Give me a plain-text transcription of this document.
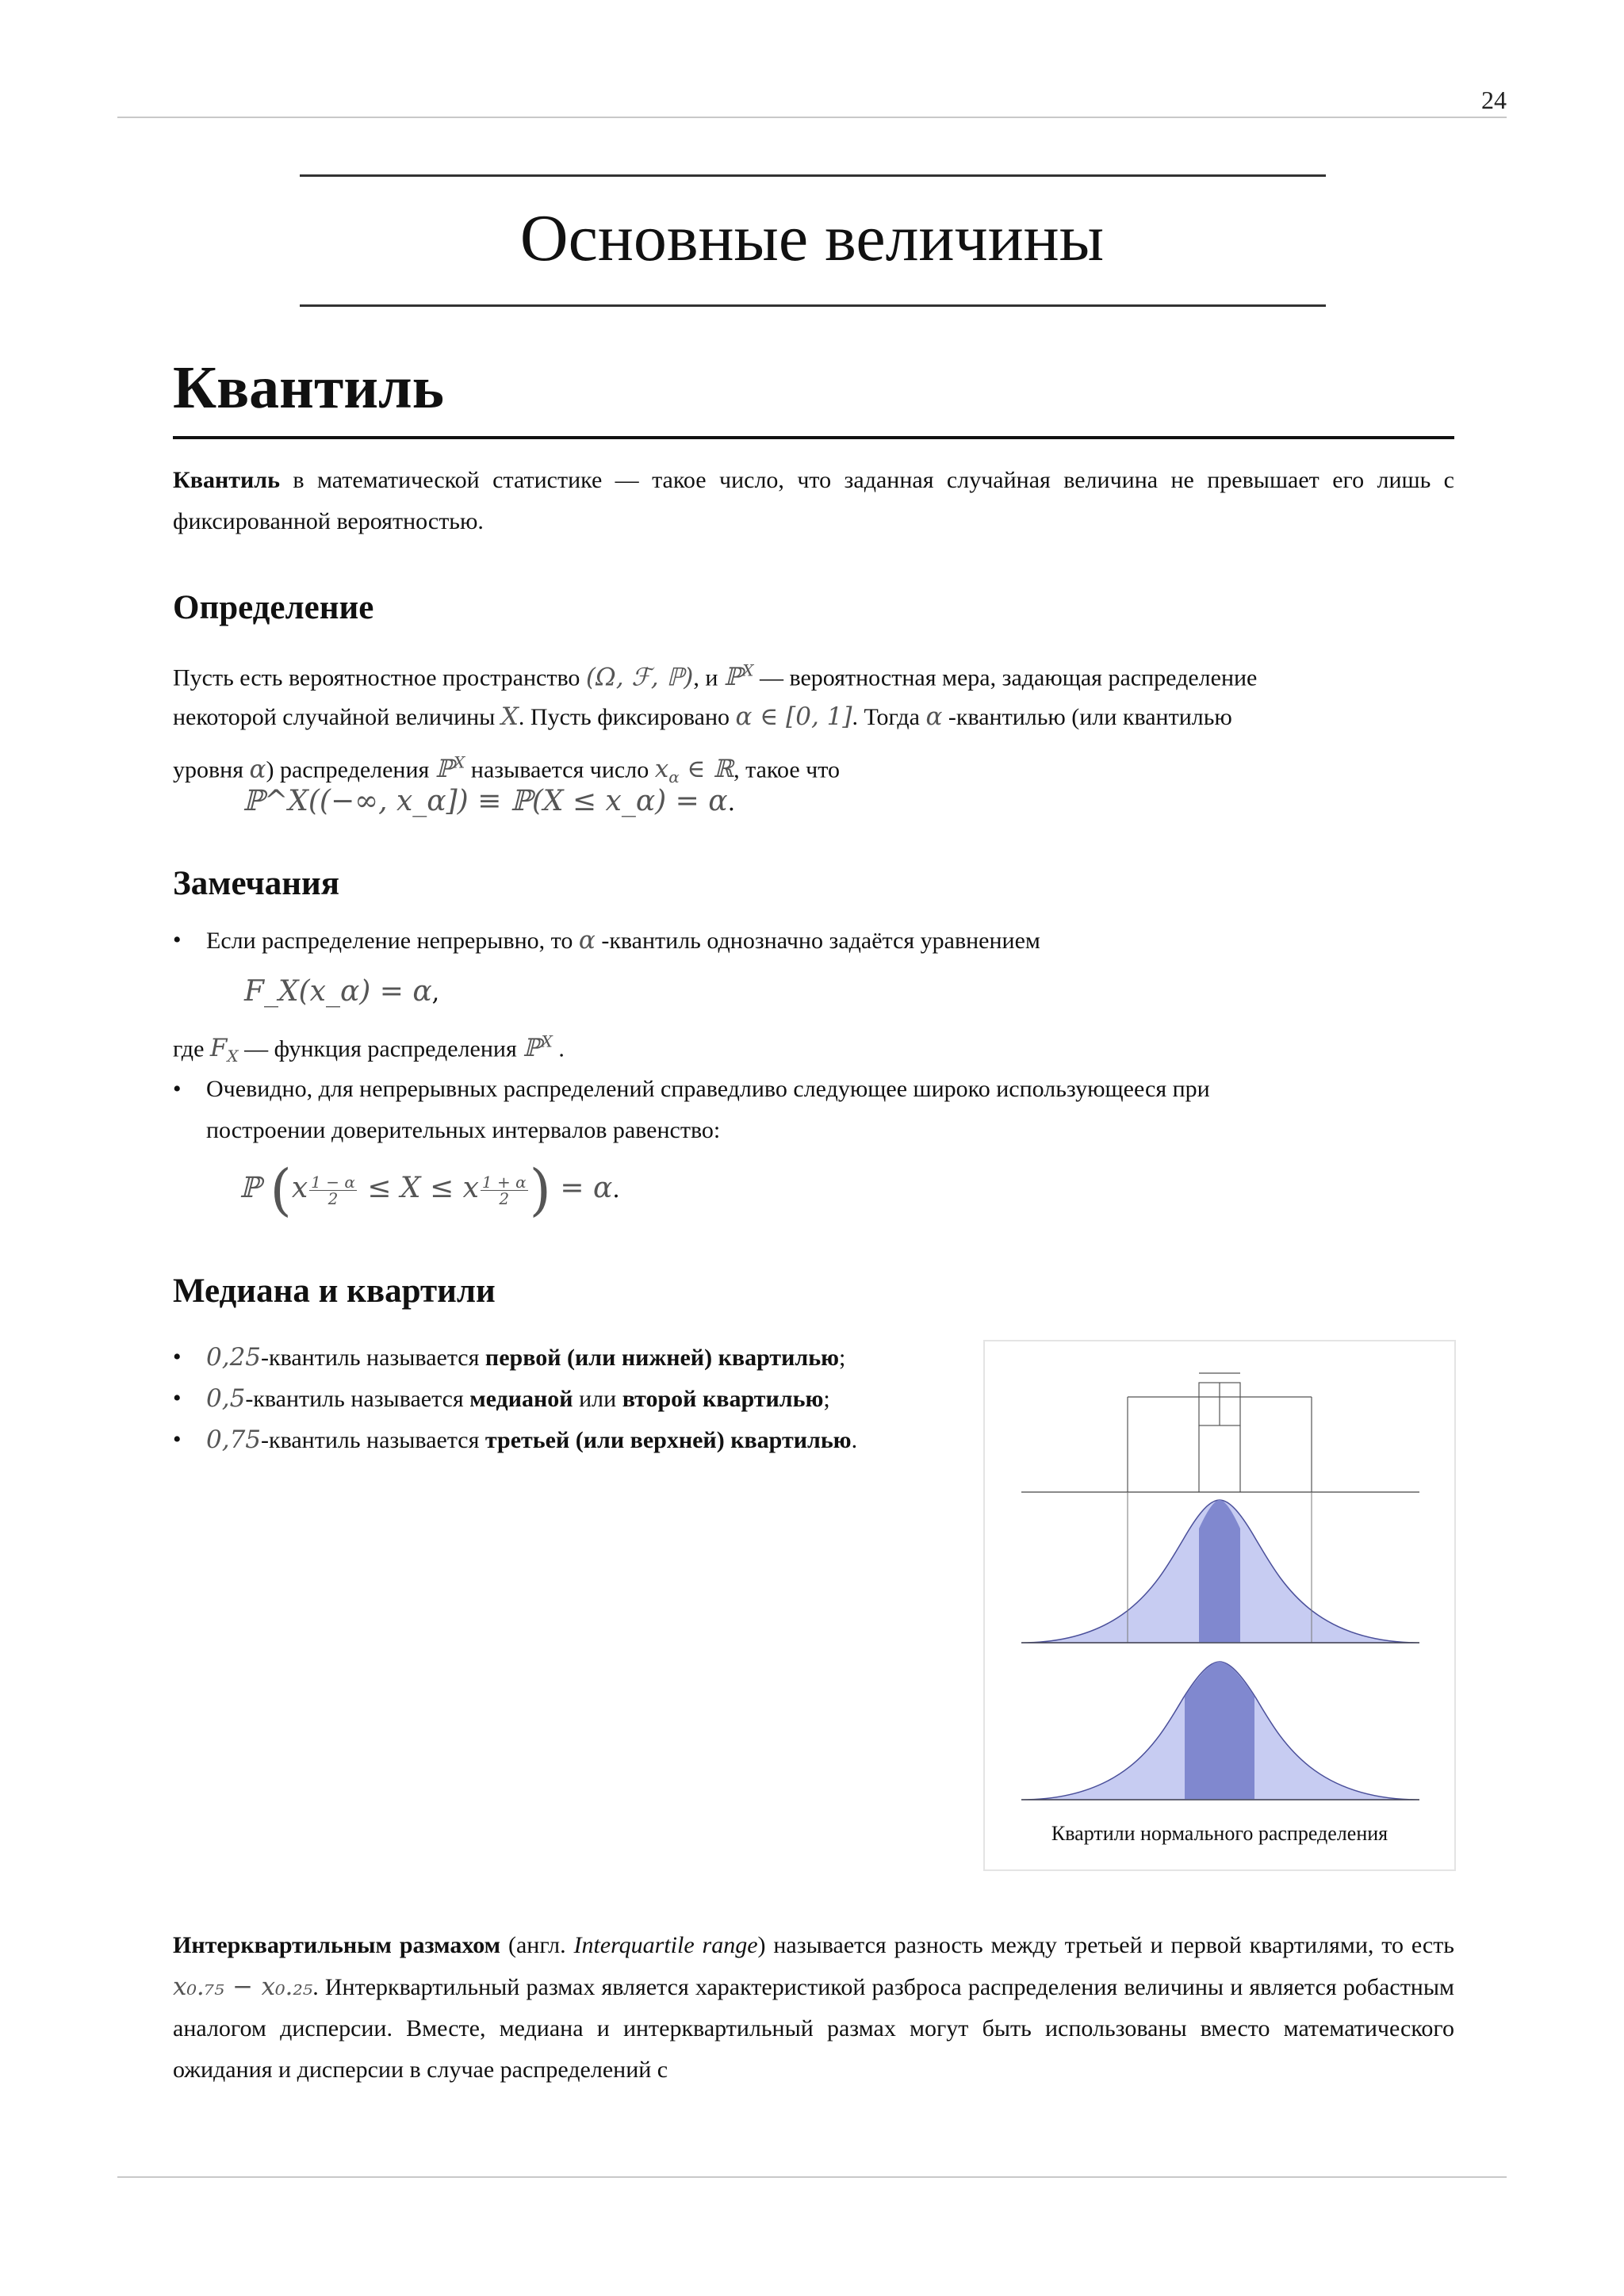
24
Основные величины
Квантиль

Квантиль в математической статистике — такое число, что заданная случайная величина не превышает его лишь с фиксированной вероятностью.

Определение
Пусть есть вероятностное пространство (Ω, ℱ, ℙ), и ℙ$^X$ — вероятностная мера, задающая распределение
некоторой случайной величины X. Пусть фиксировано α ∈ [0, 1]. Тогда α -квантилью (или квантилью
уровня α) распределения ℙ$^X$ называется число $x_\alpha$ ∈ ℝ, такое что
ℙ^X((−∞, x_α]) ≡ ℙ(X ≤ x_α) = α.
Замечания
• Если распределение непрерывно, то α -квантиль однозначно задаётся уравнением
F_X(x_α) = α,
где $F_X$ — функция распределения ℙ$^X$ .
• Очевидно, для непрерывных распределений справедливо следующее широко использующееся при
построении доверительных интервалов равенство:
ℙ ($x \frac{1 - \alpha}{2} \le X \le x \frac{1 + \alpha}{2}$ ) = α.
Медиана и квартили
• 0,25-квантиль называется первой (или нижней) квартилью;
• 0,5-квантиль называется медианой или второй квартилью;
• 0,75-квантиль называется третьей (или верхней) квартилью.
Квартили нормального распределения

Интерквартильным размахом (англ. Interquartile range) называется разность между третьей и первой квартилями, то есть x₀.₇₅ − x₀.₂₅. Интерквартильный размах является характеристикой разброса распределения величины и является робастным аналогом дисперсии. Вместе, медиана и интерквартильный размах могут быть использованы вместо математического ожидания и дисперсии в случае распределений с
